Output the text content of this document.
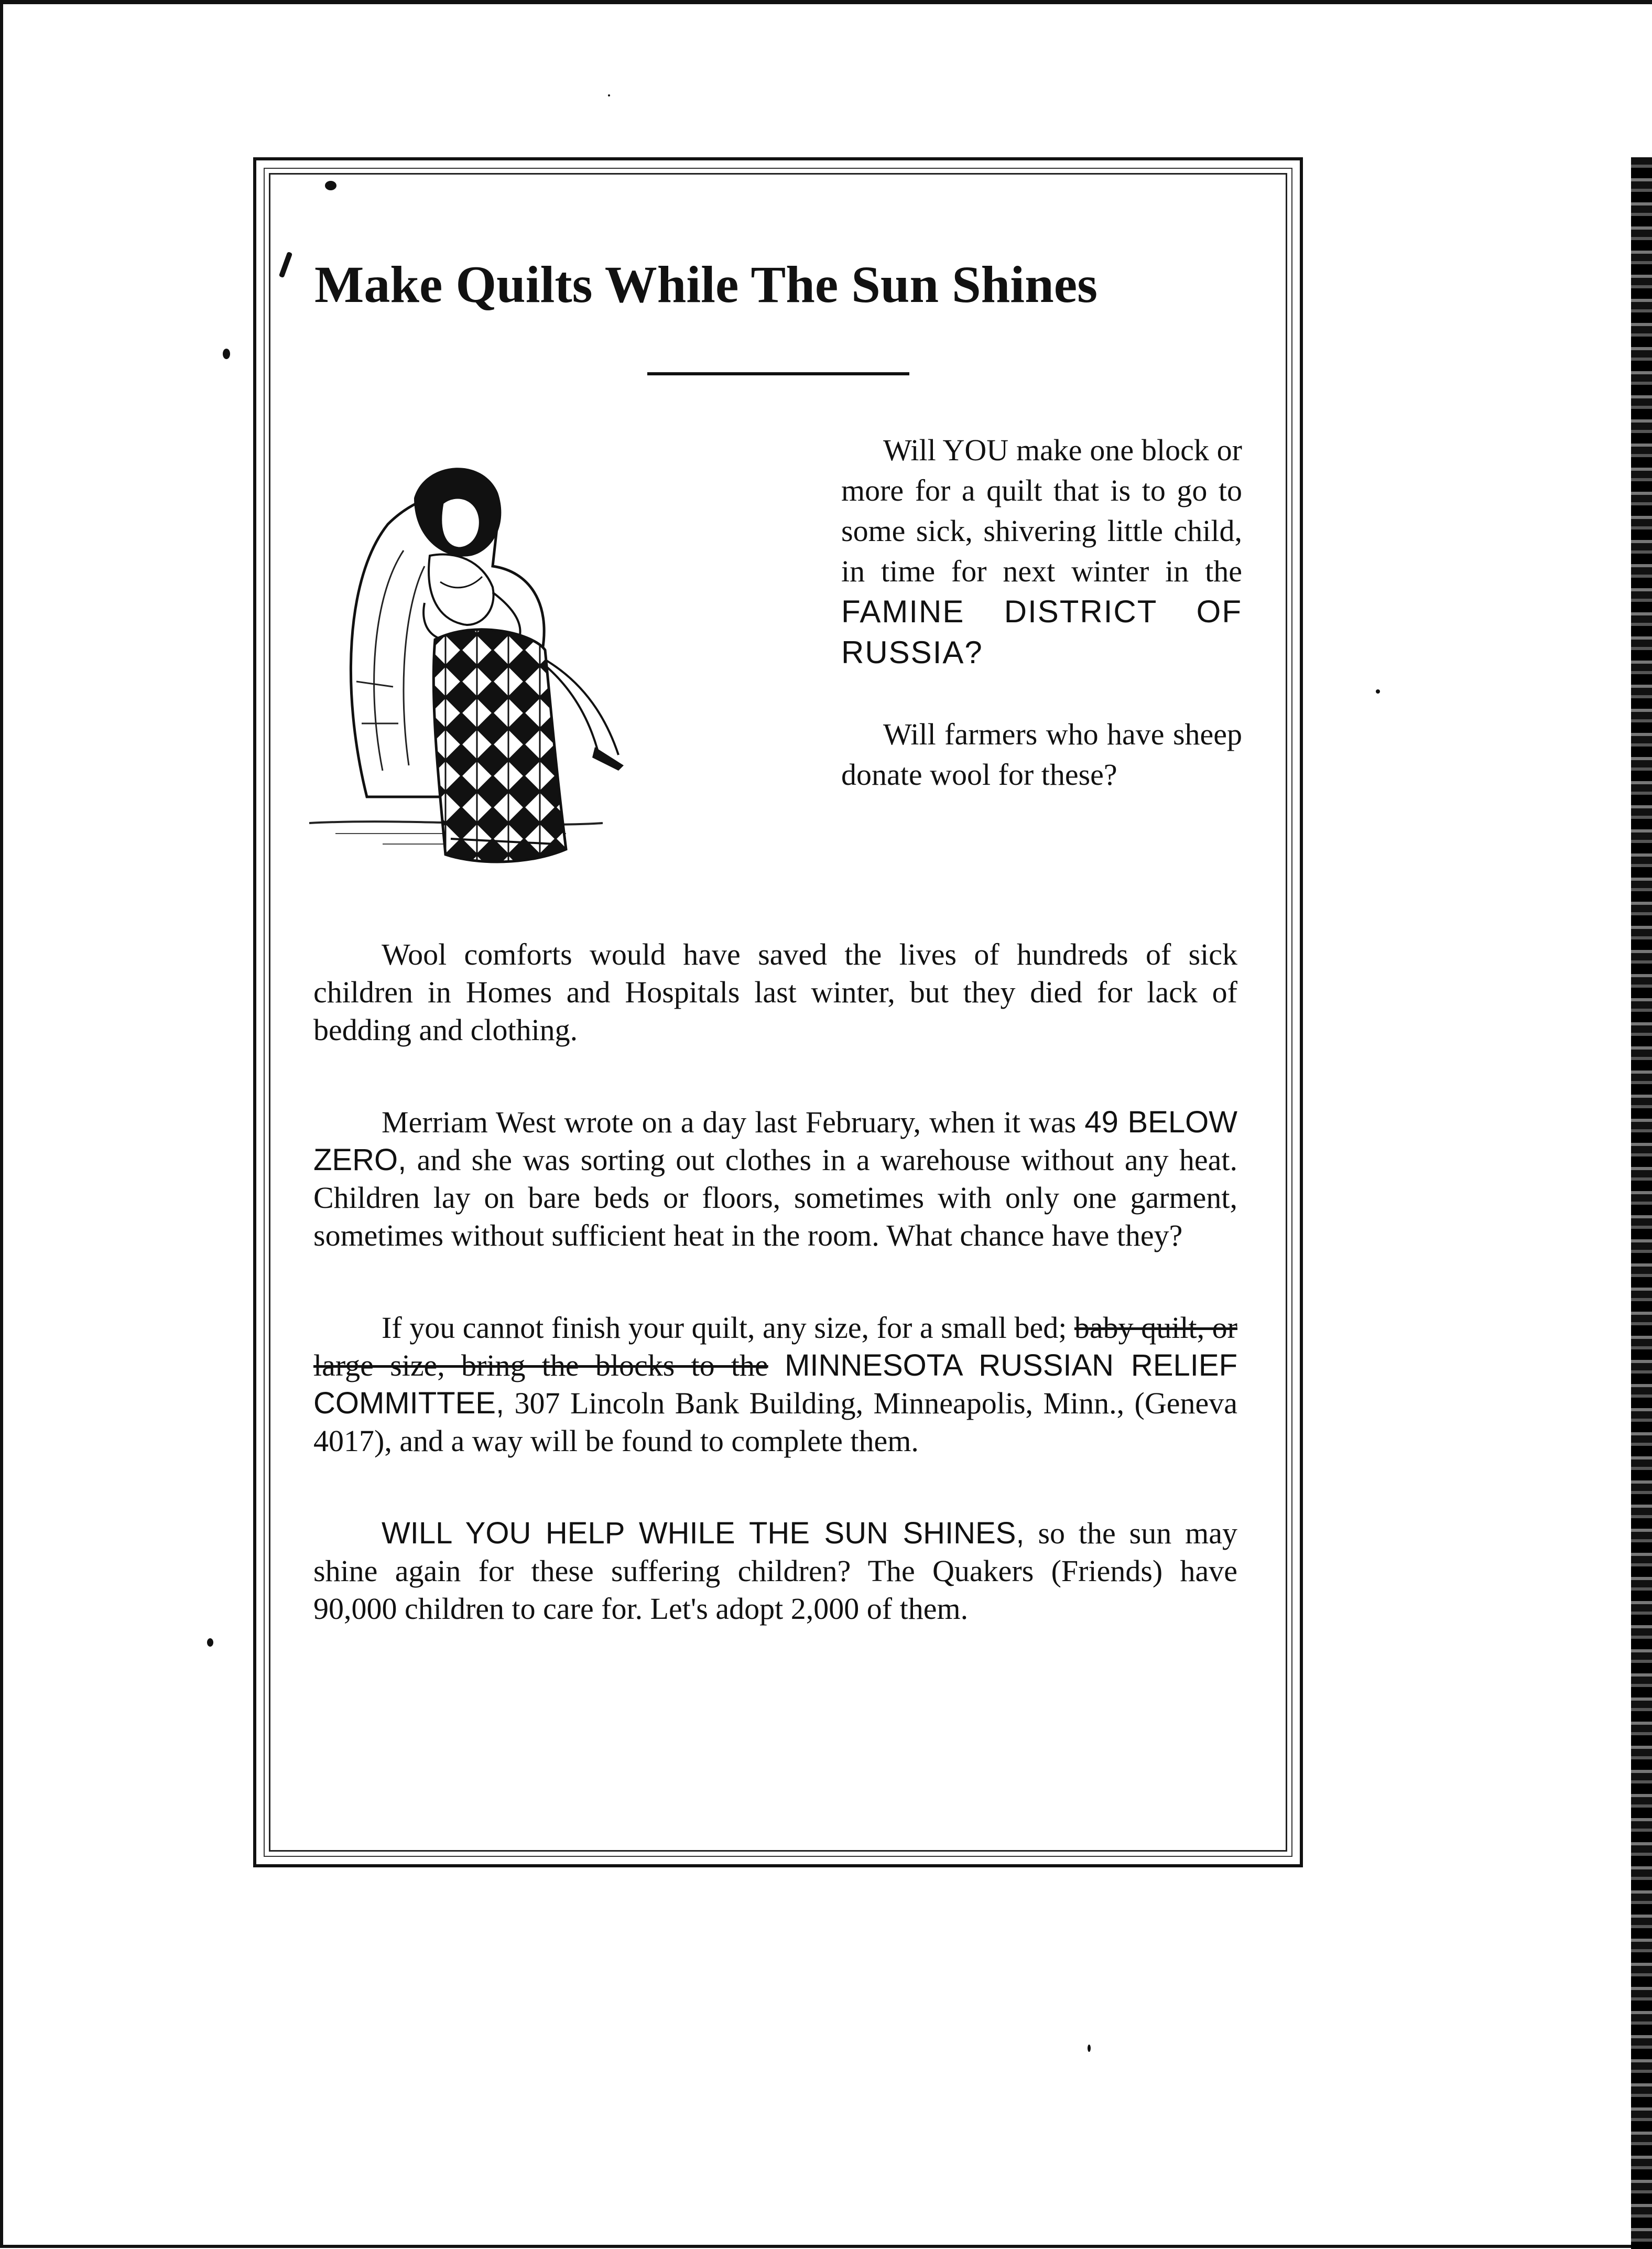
Make Quilts While The Sun Shines

Will YOU make one block or more for a quilt that is to go to some sick, shivering little child, in time for next winter in the FAMINE DISTRICT OF RUSSIA?

Will farmers who have sheep donate wool for these?

Wool comforts would have saved the lives of hundreds of sick children in Homes and Hospitals last winter, but they died for lack of bedding and clothing.

Merriam West wrote on a day last February, when it was 49 BELOW ZERO, and she was sorting out clothes in a warehouse without any heat. Children lay on bare beds or floors, sometimes with only one garment, sometimes without sufficient heat in the room. What chance have they?

If you cannot finish your quilt, any size, for a small bed; baby quilt, or large size, bring the blocks to the MINNESOTA RUSSIAN RELIEF COMMITTEE, 307 Lincoln Bank Building, Minneapolis, Minn., (Geneva 4017), and a way will be found to complete them.

WILL YOU HELP WHILE THE SUN SHINES, so the sun may shine again for these suffering children? The Quakers (Friends) have 90,000 children to care for. Let's adopt 2,000 of them.
